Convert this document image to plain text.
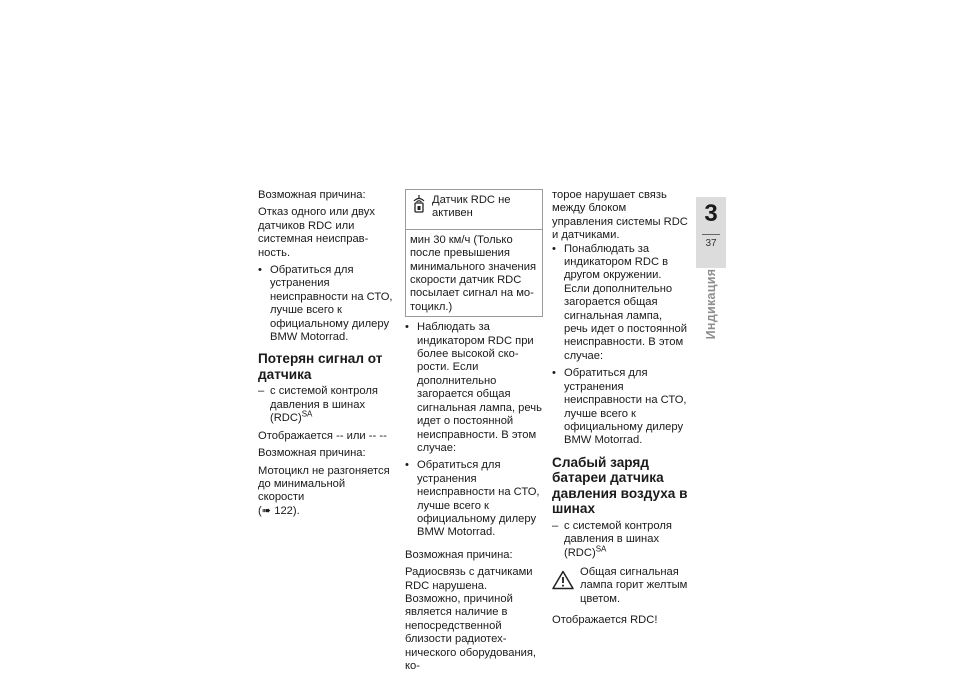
Возможная причина:

Отказ одного или двух датчиков RDC или системная неисправность.

• Обратиться для устранения неисправности на СТО, лучше всего к официальному дилеру BMW Motorrad.

Потерян сигнал от датчика

– с системой контроля давления в шинах (RDC)$^{SA}$

Отображается -- или -- --

Возможная причина:

Мотоцикл не разгоняется до минимальной скорости
(➠ 122).

Датчик RDC не активен
мин 30 км/ч (Только после превышения минимального значения скорости датчик RDC посылает сигнал на мотоцикл.)

• Наблюдать за индикатором RDC при более высокой скорости. Если дополнительно загорается общая сигнальная лампа, речь идет о постоянной неисправности. В этом случае:

• Обратиться для устранения неисправности на СТО, лучше всего к официальному дилеру BMW Motorrad.

Возможная причина:

Радиосвязь с датчиками RDC нарушена. Возможно, причиной является наличие в непосредственной близости радиотехнического оборудования, ко-

торое нарушает связь между блоком управления системы RDC и датчиками.

• Понаблюдать за индикатором RDC в другом окружении. Если дополнительно загорается общая сигнальная лампа, речь идет о постоянной неисправности. В этом случае:

• Обратиться для устранения неисправности на СТО, лучше всего к официальному дилеру BMW Motorrad.

Слабый заряд батареи датчика давления воздуха в шинах

– с системой контроля давления в шинах (RDC)$^{SA}$

Общая сигнальная лампа горит желтым цветом.

Отображается RDC!

3
37
Индикация
